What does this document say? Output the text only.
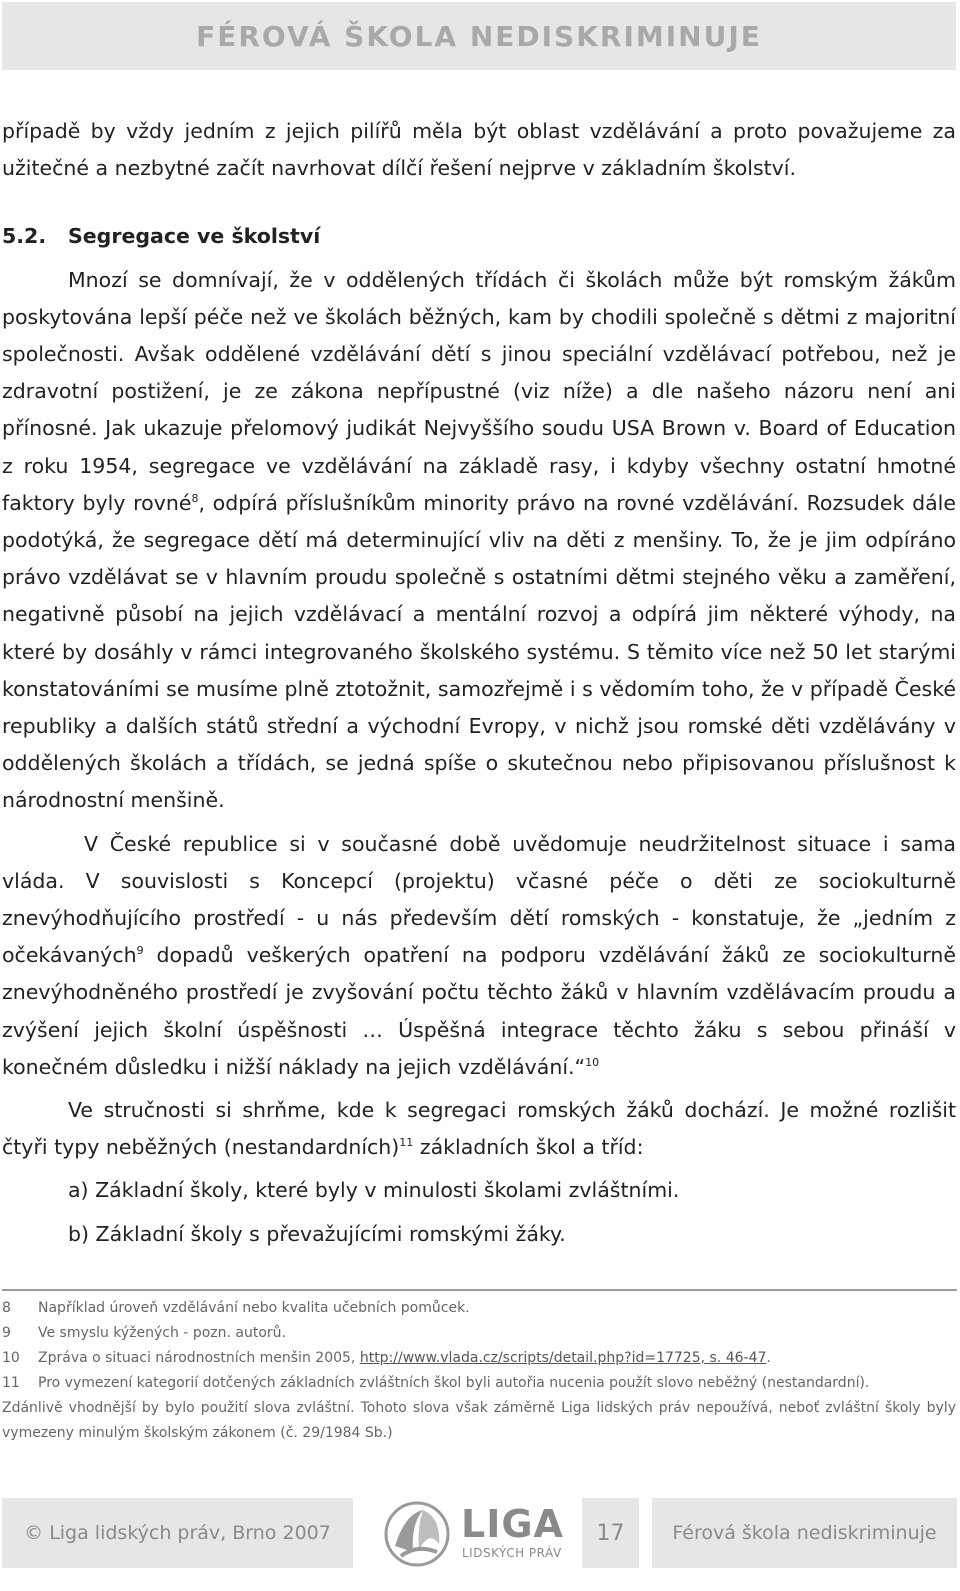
FÉROVÁ ŠKOLA NEDISKRIMINUJE

případě by vždy jedním z jejich pilířů měla být oblast vzdělávání a proto považujeme za užitečné a nezbytné začít navrhovat dílčí řešení nejprve v základním školství.

5.2.	Segregace ve školství

Mnozí se domnívají, že v oddělených třídách či školách může být romským žákům poskytována lepší péče než ve školách běžných, kam by chodili společně s dětmi z majoritní společnosti. Avšak oddělené vzdělávání dětí s jinou speciální vzdělávací potřebou, než je zdravotní postižení, je ze zákona nepřípustné (viz níže) a dle našeho názoru není ani přínosné. Jak ukazuje přelomový judikát Nejvyššího soudu USA Brown v. Board of Education z roku 1954, segregace ve vzdělávání na základě rasy, i kdyby všechny ostatní hmotné faktory byly rovné$^8$, odpírá příslušníkům minority právo na rovné vzdělávání. Rozsudek dále podotýká, že segregace dětí má determinující vliv na děti z menšiny. To, že je jim odpíráno právo vzdělávat se v hlavním proudu společně s ostatními dětmi stejného věku a zaměření, negativně působí na jejich vzdělávací a mentální rozvoj a odpírá jim některé výhody, na které by dosáhly v rámci integrovaného školského systému. S těmito více než 50 let starými konstatováními se musíme plně ztotožnit, samozřejmě i s vědomím toho, že v případě České republiky a dalších států střední a východní Evropy, v nichž jsou romské děti vzdělávány v oddělených školách a třídách, se jedná spíše o skutečnou nebo připisovanou příslušnost k národnostní menšině.

V České republice si v současné době uvědomuje neudržitelnost situace i sama vláda. V souvislosti s Koncepcí (projektu) včasné péče o děti ze sociokulturně znevýhodňujícího prostředí - u nás především dětí romských - konstatuje, že „jedním z očekávaných$^9$ dopadů veškerých opatření na podporu vzdělávání žáků ze sociokulturně znevýhodněného prostředí je zvyšování počtu těchto žáků v hlavním vzdělávacím proudu a zvýšení jejich školní úspěšnosti … Úspěšná integrace těchto žáku s sebou přináší v konečném důsledku i nižší náklady na jejich vzdělávání.“$^{10}$

Ve stručnosti si shrňme, kde k segregaci romských žáků dochází. Je možné rozlišit čtyři typy neběžných (nestandardních)$^{11}$ základních škol a tříd:

a) Základní školy, které byly v minulosti školami zvláštními.
b) Základní školy s převažujícími romskými žáky.
8	Například úroveň vzdělávání nebo kvalita učebních pomůcek.
9	Ve smyslu kýžených - pozn. autorů.
10	Zpráva o situaci národnostních menšin 2005, http://www.vlada.cz/scripts/detail.php?id=17725, s. 46-47.
11	Pro vymezení kategorií dotčených základních zvláštních škol byli autořia nucenia použít slovo neběžný (nestandardní).
Zdánlivě vhodnější by bylo použití slova zvláštní. Tohoto slova však záměrně Liga lidských práv nepoužívá, neboť zvláštní školy byly vymezeny minulým školským zákonem (č. 29/1984 Sb.)
© Liga lidských práv, Brno 2007	LIGA
LIDSKÝCH PRÁV
17	Férová škola nediskriminuje
